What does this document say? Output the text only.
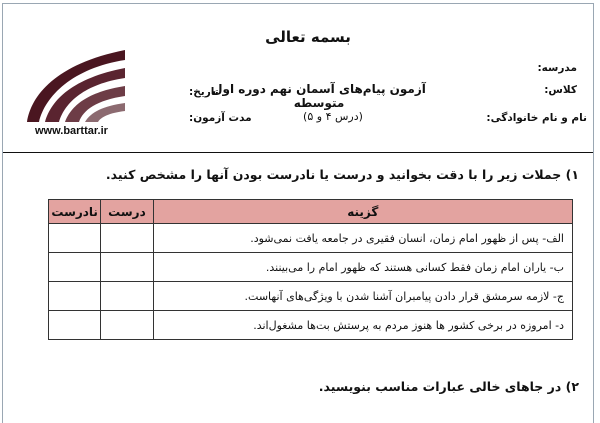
www.barttar.ir
بسمه تعالی
آزمون پیام‌های آسمان نهم دوره اول متوسطه
(درس ۴ و ۵)
مدرسه:
کلاس:
نام و نام خانوادگی:
تاریخ:
مدت آزمون:
۱) جملات زیر را با دقت بخوانید و درست یا نادرست بودن آنها را مشخص کنید.
گزینه	درست	نادرست
الف- پس از ظهور امام زمان، انسان فقیری در جامعه یافت نمی‌شود.		
ب- یاران امام زمان فقط کسانی هستند که ظهور امام را می‌بینند.		
ج- لازمه سرمشق قرار دادن پیامبران آشنا شدن با ویژگی‌های آنهاست.		
د- امروزه در برخی کشور ها هنوز مردم به پرستش بت‌ها مشغول‌اند.		
۲) در جاهای خالی عبارات مناسب بنویسید.
